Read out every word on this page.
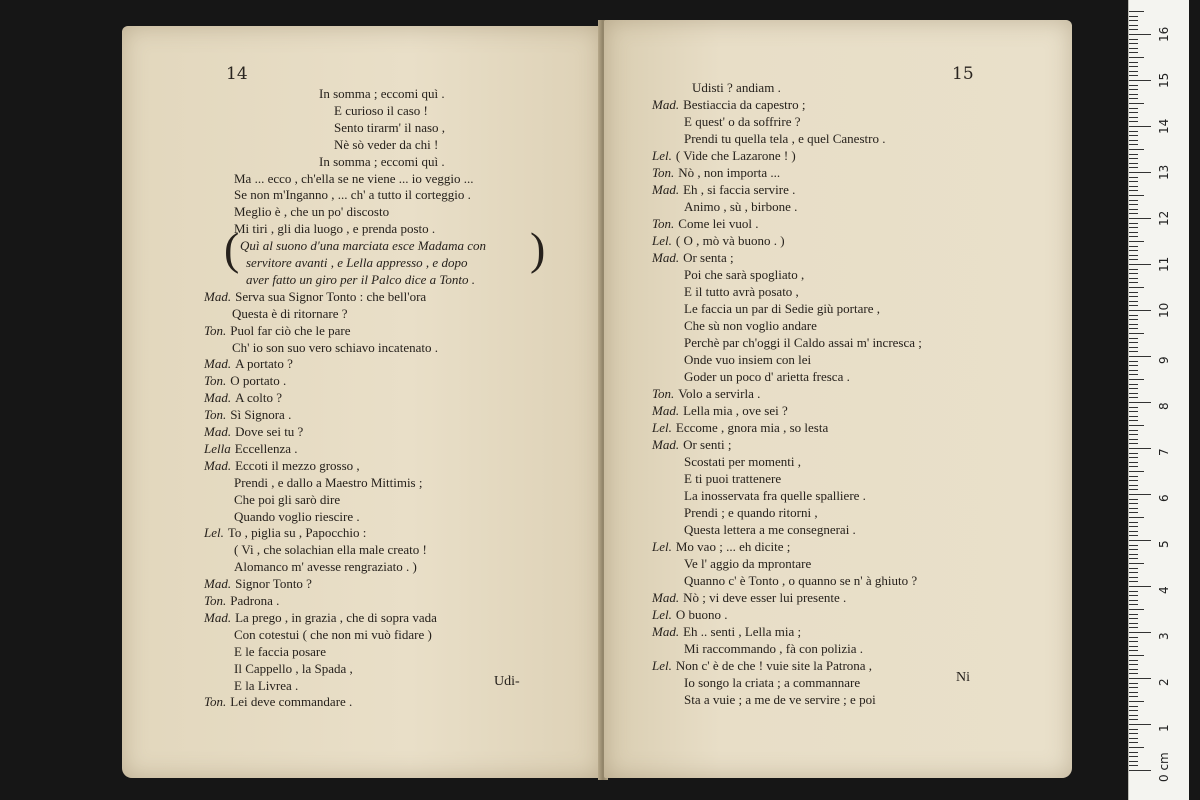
14
In somma ; eccomi quì .
E curioso il caso !
Sento tirarm' il naso ,
Nè sò veder da chi !
In somma ; eccomi quì .
Ma ... ecco , ch'ella se ne viene ... io veggio ...
Se non m'Inganno , ... ch' a tutto il corteggio .
Meglio è , che un po' discosto
Mi tiri , gli dia luogo , e prenda posto .
Quì al suono d'una marciata esce Madama con
servitore avanti , e Lella appresso , e dopo
aver fatto un giro per il Palco dice a Tonto .
Mad. Serva sua Signor Tonto : che bell'ora
Questa è di ritornare ?
Ton. Puol far ciò che le pare
Ch' io son suo vero schiavo incatenato .
Mad. A portato ?
Ton. O portato .
Mad. A colto ?
Ton. Sì Signora .
Mad. Dove sei tu ?
Lella Eccellenza .
Mad. Eccoti il mezzo grosso ,
Prendi , e dallo a Maestro Mittimis ;
Che poi gli sarò dire
Quando voglio riescire .
Lel. To , piglia su , Papocchio :
( Vi , che solachian ella male creato !
Alomanco m' avesse rengraziato . )
Mad. Signor Tonto ?
Ton. Padrona .
Mad. La prego , in grazia , che di sopra vada
Con cotestui ( che non mi vuò fidare )
E le faccia posare
Il Cappello , la Spada ,
E la Livrea .
Ton. Lei deve commandare .
(	)
Udi-
15
Udisti ? andiam .
Mad. Bestiaccia da capestro ;
E quest' o da soffrire ?
Prendi tu quella tela , e quel Canestro .
Lel. ( Vide che Lazarone ! )
Ton. Nò , non importa ...
Mad. Eh , si faccia servire .
Animo , sù , birbone .
Ton. Come lei vuol .
Lel. ( O , mò và buono . )
Mad. Or senta ;
Poi che sarà spogliato ,
E il tutto avrà posato ,
Le faccia un par di Sedie giù portare ,
Che sù non voglio andare
Perchè par ch'oggi il Caldo assai m' incresca ;
Onde vuo insiem con lei
Goder un poco d' arietta fresca .
Ton. Volo a servirla .
Mad. Lella mia , ove sei ?
Lel. Eccome , gnora mia , so lesta
Mad. Or senti ;
Scostati per momenti ,
E ti puoi trattenere
La inosservata fra quelle spalliere .
Prendi ; e quando ritorni ,
Questa lettera a me consegnerai .
Lel. Mo vao ; ... eh dicite ;
Ve l' aggio da mprontare
Quanno c' è Tonto , o quanno se n' à ghiuto ?
Mad. Nò ; vi deve esser lui presente .
Lel. O buono .
Mad. Eh .. senti , Lella mia ;
Mi raccommando , fà con polizia .
Lel. Non c' è de che ! vuie site la Patrona ,
Io songo la criata ; a commannare
Sta a vuie ; a me de ve servire ; e poi
Ni
0 cm
1
2
3
4
5
6
7
8
9
10
11
12
13
14
15
16
